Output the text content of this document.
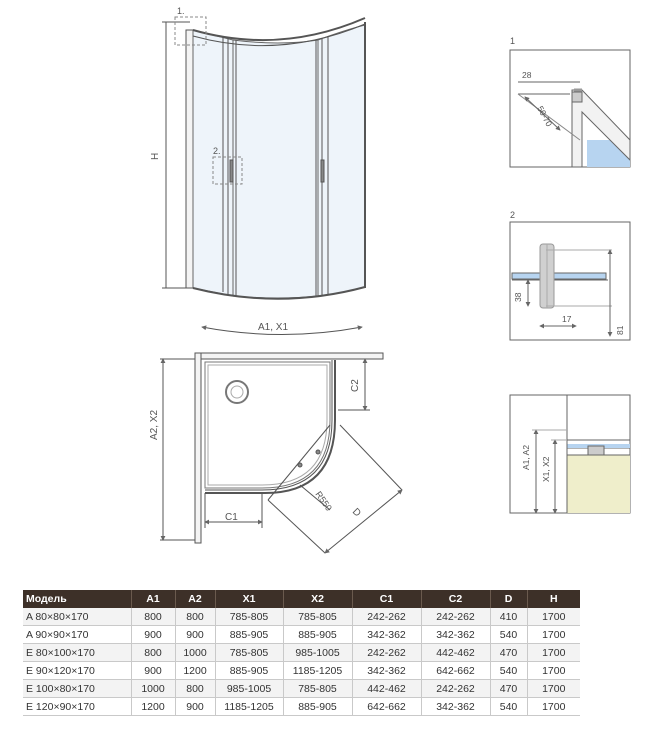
1.
2.
H
A1, X1
A2, X2
C1
C2
R550
D
1
28
50-70
2
38
17
81
A1, A2 X1, X2
Модель	A1	A2	X1	X2	C1	C2	D	H
A 80×80×170	800	800	785-805	785-805	242-262	242-262	410	1700
A 90×90×170	900	900	885-905	885-905	342-362	342-362	540	1700
E 80×100×170	800	1000	785-805	985-1005	242-262	442-462	470	1700
E 90×120×170	900	1200	885-905	1185-1205	342-362	642-662	540	1700
E 100×80×170	1000	800	985-1005	785-805	442-462	242-262	470	1700
E 120×90×170	1200	900	1185-1205	885-905	642-662	342-362	540	1700
